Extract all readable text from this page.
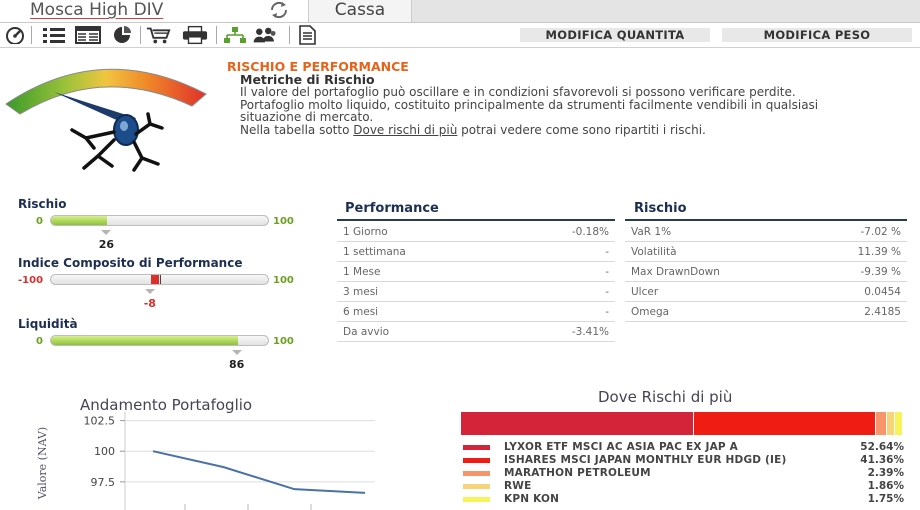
Mosca High DIV	Cassa
MODIFICA QUANTITA	MODIFICA PESO
RISCHIO E PERFORMANCE
Metriche di Rischio

Il valore del portafoglio può oscillare e in condizioni sfavorevoli si possono verificare perdite.

Portafoglio molto liquido, costituito principalmente da strumenti facilmente vendibili in qualsiasi situazione di mercato.

Nella tabella sotto Dove rischi di più potrai vedere come sono ripartiti i rischi.

Performance
1 Giorno	-0.18%
1 settimana	-
1 Mese	-
3 mesi	-
6 mesi	-
Da avvio	-3.41%
Rischio
VaR 1%	-7.02 %
Volatilità	11.39 %
Max DrawnDown	-9.39 %
Ulcer	0.0454
Omega	2.4185
Andamento Portafoglio
102.5
100
97.5
Valore (NAV)
Dove Rischi di più
Rischio
0	100
26
Indice Composito di Performance
-100	100
-8
Liquidità
0	100
86
LYXOR ETF MSCI AC ASIA PAC EX JAP A	52.64%
ISHARES MSCI JAPAN MONTHLY EUR HDGD (IE)	41.36%
MARATHON PETROLEUM	2.39%
RWE	1.86%
KPN KON	1.75%
